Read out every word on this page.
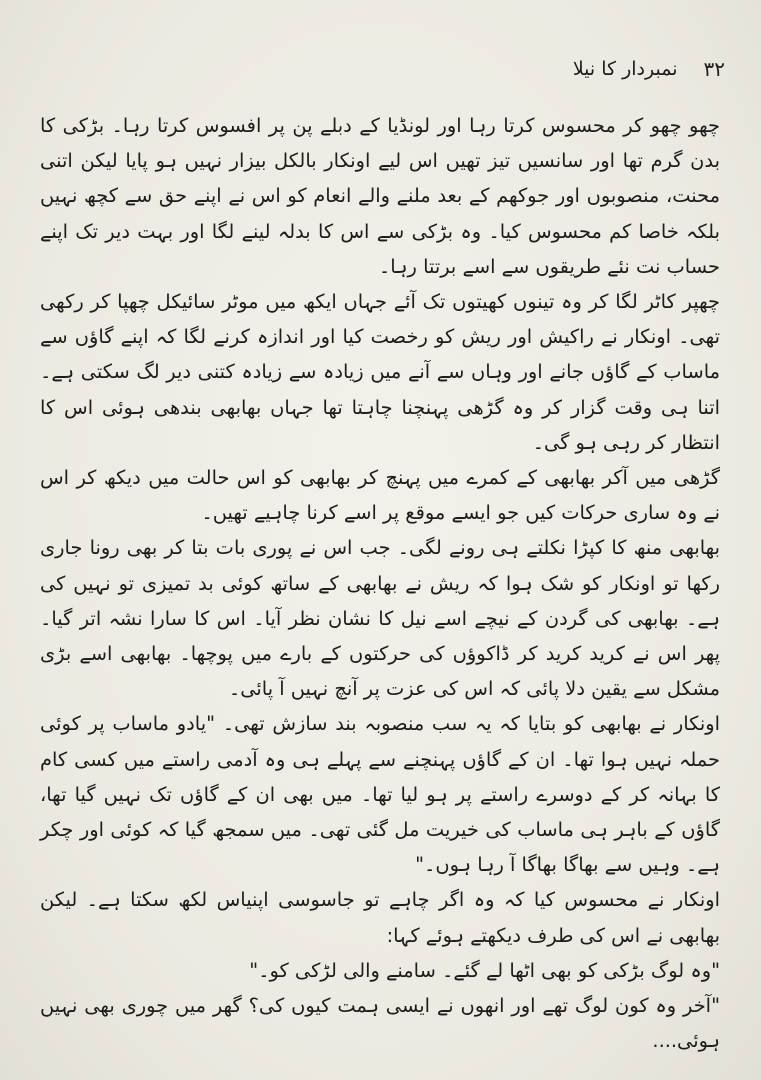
۳۲
نمبردار کا نیلا

چھو چھو کر محسوس کرتا رہا اور لونڈیا کے دبلے پن پر افسوس کرتا رہا۔ بڑکی کا بدن گرم تھا اور سانسیں تیز تھیں اس لیے اونکار بالکل بیزار نہیں ہو پایا لیکن اتنی محنت، منصوبوں اور جوکھم کے بعد ملنے والے انعام کو اس نے اپنے حق سے کچھ نہیں بلکہ خاصا کم محسوس کیا۔ وہ بڑکی سے اس کا بدلہ لینے لگا اور بہت دیر تک اپنے حساب نت نئے طریقوں سے اسے برتتا رہا۔

چھپر کاٹر لگا کر وہ تینوں کھیتوں تک آئے جہاں ایکھ میں موٹر سائیکل چھپا کر رکھی تھی۔ اونکار نے راکیش اور ریش کو رخصت کیا اور اندازہ کرنے لگا کہ اپنے گاؤں سے ماساب کے گاؤں جانے اور وہاں سے آنے میں زیادہ سے زیادہ کتنی دیر لگ سکتی ہے۔ اتنا ہی وقت گزار کر وہ گڑھی پہنچنا چاہتا تھا جہاں بھابھی بندھی ہوئی اس کا انتظار کر رہی ہو گی۔

گڑھی میں آکر بھابھی کے کمرے میں پہنچ کر بھابھی کو اس حالت میں دیکھ کر اس نے وہ ساری حرکات کیں جو ایسے موقع پر اسے کرنا چاہیے تھیں۔

بھابھی منھ کا کپڑا نکلتے ہی رونے لگی۔ جب اس نے پوری بات بتا کر بھی رونا جاری رکھا تو اونکار کو شک ہوا کہ ریش نے بھابھی کے ساتھ کوئی بد تمیزی تو نہیں کی ہے۔ بھابھی کی گردن کے نیچے اسے نیل کا نشان نظر آیا۔ اس کا سارا نشہ اتر گیا۔ پھر اس نے کرید کرید کر ڈاکوؤں کی حرکتوں کے بارے میں پوچھا۔ بھابھی اسے بڑی مشکل سے یقین دلا پائی کہ اس کی عزت پر آنچ نہیں آ پائی۔

اونکار نے بھابھی کو بتایا کہ یہ سب منصوبہ بند سازش تھی۔ "یادو ماساب پر کوئی حملہ نہیں ہوا تھا۔ ان کے گاؤں پہنچنے سے پہلے ہی وہ آدمی راستے میں کسی کام کا بہانہ کر کے دوسرے راستے پر ہو لیا تھا۔ میں بھی ان کے گاؤں تک نہیں گیا تھا، گاؤں کے باہر ہی ماساب کی خیریت مل گئی تھی۔ میں سمجھ گیا کہ کوئی اور چکر ہے۔ وہیں سے بھاگا بھاگا آ رہا ہوں۔"

اونکار نے محسوس کیا کہ وہ اگر چاہے تو جاسوسی اپنیاس لکھ سکتا ہے۔ لیکن بھابھی نے اس کی طرف دیکھتے ہوئے کہا:

"وہ لوگ بڑکی کو بھی اٹھا لے گئے۔ سامنے والی لڑکی کو۔"

"آخر وہ کون لوگ تھے اور انھوں نے ایسی ہمت کیوں کی؟ گھر میں چوری بھی نہیں ہوئی....
